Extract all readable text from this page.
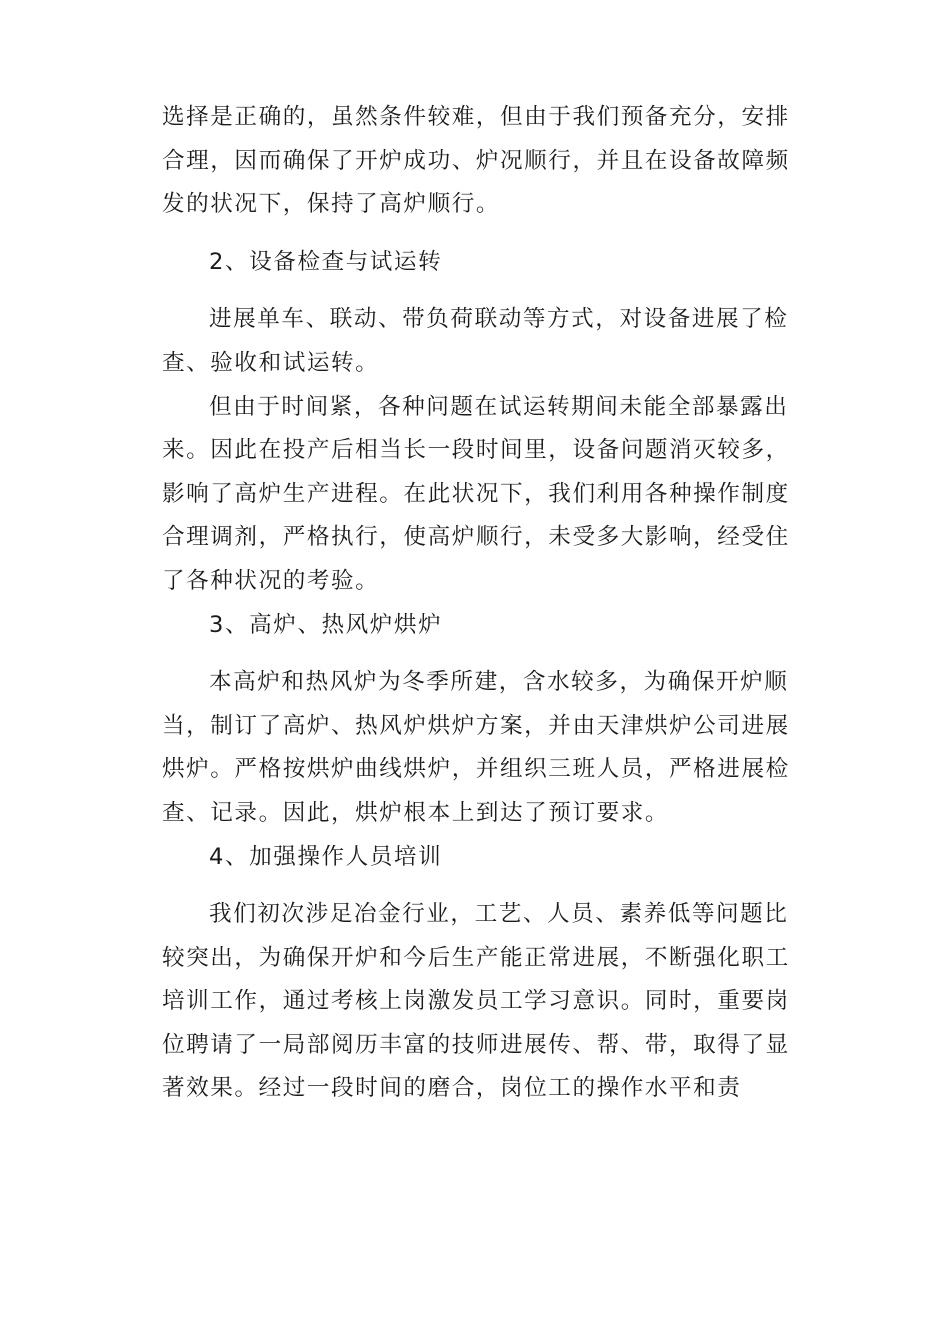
选择是正确的，虽然条件较难，但由于我们预备充分，安排
合理，因而确保了开炉成功、炉况顺行，并且在设备故障频
发的状况下，保持了高炉顺行。
2、设备检查与试运转
进展单车、联动、带负荷联动等方式，对设备进展了检
查、验收和试运转。
但由于时间紧，各种问题在试运转期间未能全部暴露出
来。因此在投产后相当长一段时间里，设备问题消灭较多，
影响了高炉生产进程。在此状况下，我们利用各种操作制度
合理调剂，严格执行，使高炉顺行，未受多大影响，经受住
了各种状况的考验。
3、高炉、热风炉烘炉
本高炉和热风炉为冬季所建，含水较多，为确保开炉顺
当，制订了高炉、热风炉烘炉方案，并由天津烘炉公司进展
烘炉。严格按烘炉曲线烘炉，并组织三班人员，严格进展检
查、记录。因此，烘炉根本上到达了预订要求。
4、加强操作人员培训
我们初次涉足冶金行业，工艺、人员、素养低等问题比
较突出，为确保开炉和今后生产能正常进展，不断强化职工
培训工作，通过考核上岗激发员工学习意识。同时，重要岗
位聘请了一局部阅历丰富的技师进展传、帮、带，取得了显
著效果。经过一段时间的磨合，岗位工的操作水平和责
